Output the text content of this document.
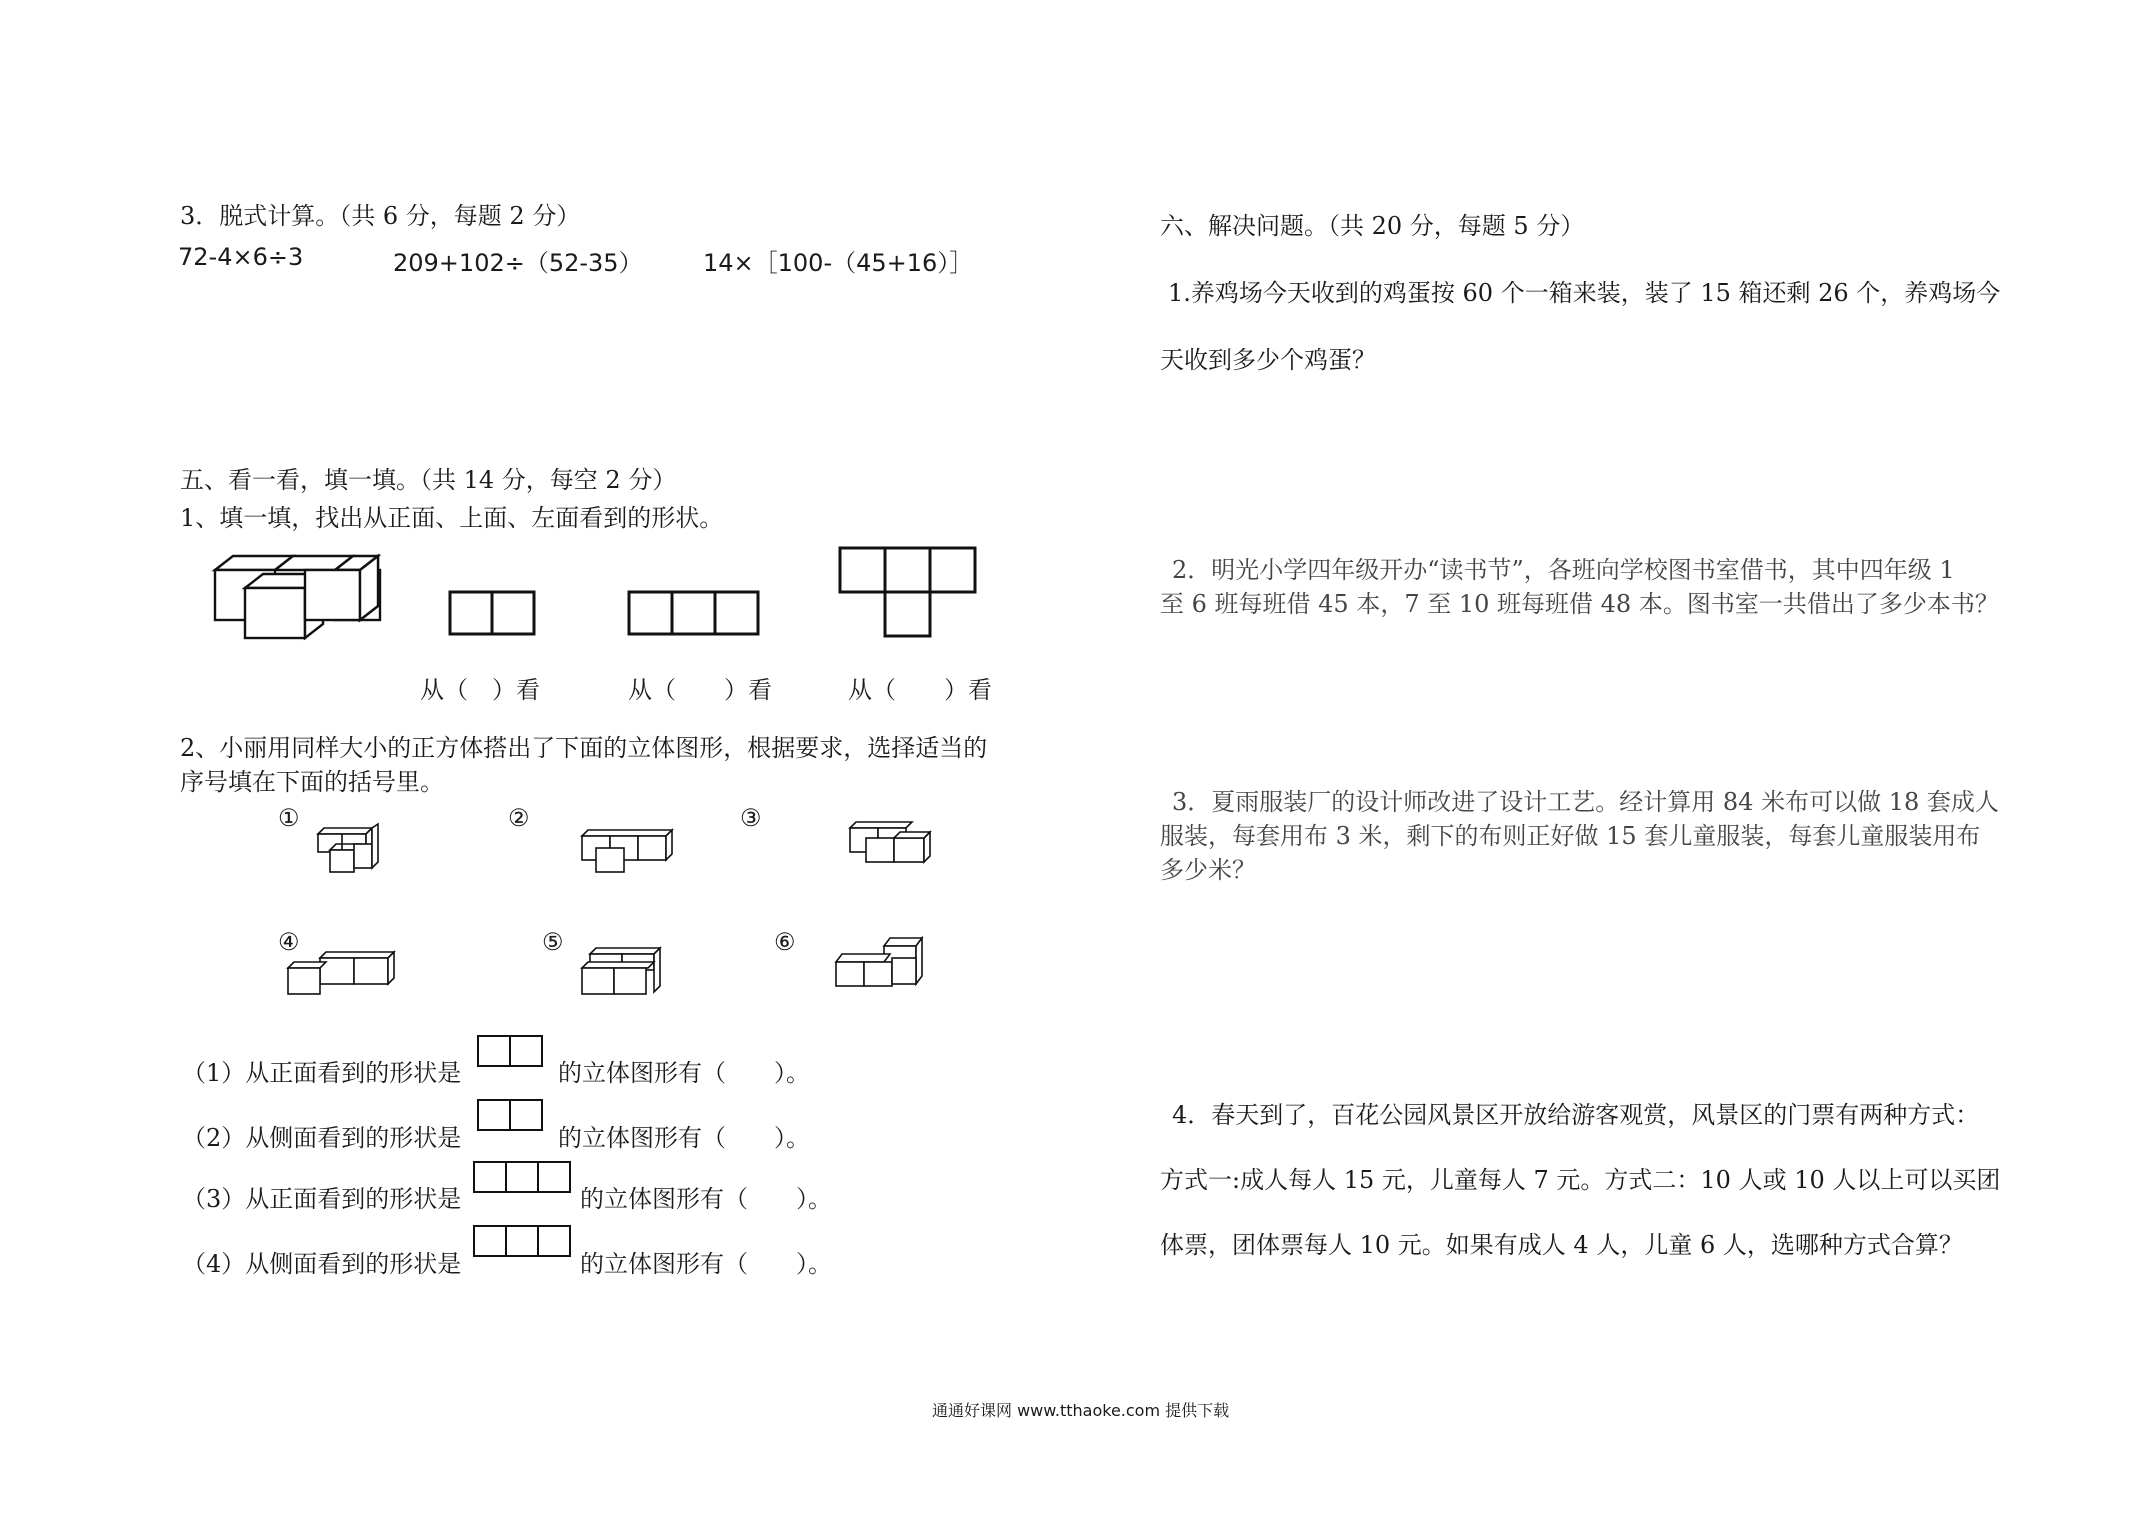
3．脱式计算。（共 6 分，每题 2 分）
72-4×6÷3	209+102÷（52-35）	14×［100-（45+16）］
五、看一看，填一填。（共 14 分，每空 2 分）
1、填一填，找出从正面、上面、左面看到的形状。
从（　）看	从（　　）看	从（　　）看
2、小丽用同样大小的正方体搭出了下面的立体图形，根据要求，选择适当的
序号填在下面的括号里。
①	②	③
④	⑤	⑥
（1）从正面看到的形状是	的立体图形有（　　）。
（2）从侧面看到的形状是	的立体图形有（　　）。
（3）从正面看到的形状是	的立体图形有（　　）。
（4）从侧面看到的形状是	的立体图形有（　　）。
六、解决问题。（共 20 分，每题 5 分）
1.养鸡场今天收到的鸡蛋按 60 个一箱来装，装了 15 箱还剩 26 个，养鸡场今
天收到多少个鸡蛋？
2．明光小学四年级开办“读书节”，各班向学校图书室借书，其中四年级 1
至 6 班每班借 45 本，7 至 10 班每班借 48 本。图书室一共借出了多少本书？
3．夏雨服装厂的设计师改进了设计工艺。经计算用 84 米布可以做 18 套成人
服装，每套用布 3 米，剩下的布则正好做 15 套儿童服装，每套儿童服装用布
多少米？
4．春天到了，百花公园风景区开放给游客观赏，风景区的门票有两种方式：
方式一:成人每人 15 元，儿童每人 7 元。方式二：10 人或 10 人以上可以买团
体票，团体票每人 10 元。如果有成人 4 人，儿童 6 人，选哪种方式合算？
通通好课网 www.tthaoke.com 提供下载
